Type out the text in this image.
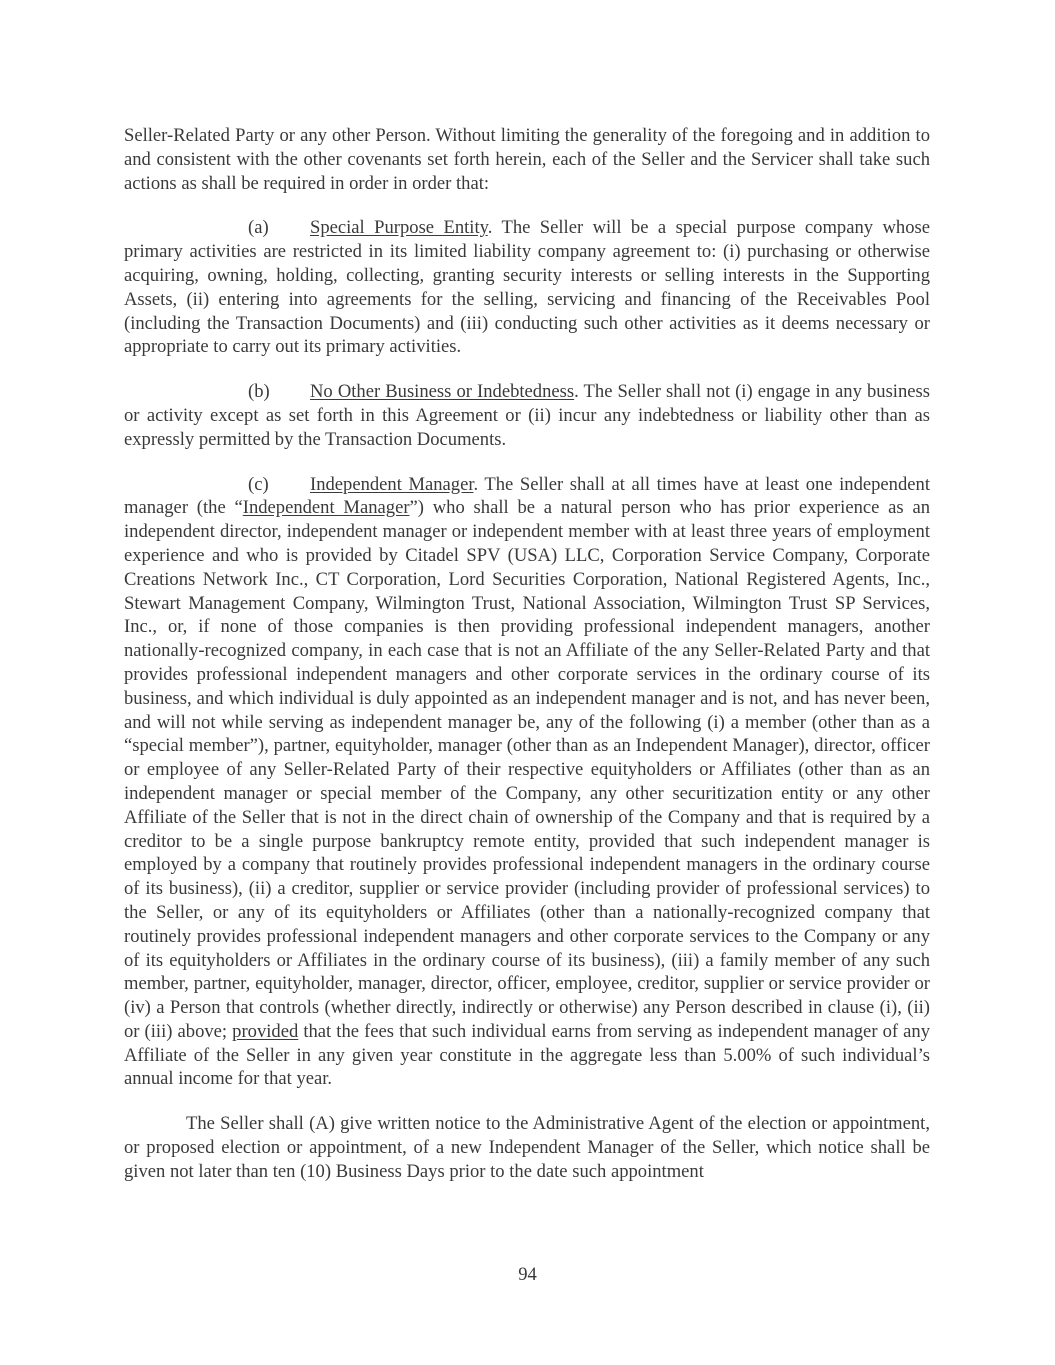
Seller-Related Party or any other Person. Without limiting the generality of the foregoing and in addition to and consistent with the other covenants set forth herein, each of the Seller and the Servicer shall take such actions as shall be required in order in order that:

(a) Special Purpose Entity. The Seller will be a special purpose company whose primary activities are restricted in its limited liability company agreement to: (i) purchasing or otherwise acquiring, owning, holding, collecting, granting security interests or selling interests in the Supporting Assets, (ii) entering into agreements for the selling, servicing and financing of the Receivables Pool (including the Transaction Documents) and (iii) conducting such other activities as it deems necessary or appropriate to carry out its primary activities.

(b) No Other Business or Indebtedness. The Seller shall not (i) engage in any business or activity except as set forth in this Agreement or (ii) incur any indebtedness or liability other than as expressly permitted by the Transaction Documents.

(c) Independent Manager. The Seller shall at all times have at least one independent manager (the “Independent Manager”) who shall be a natural person who has prior experience as an independent director, independent manager or independent member with at least three years of employment experience and who is provided by Citadel SPV (USA) LLC, Corporation Service Company, Corporate Creations Network Inc., CT Corporation, Lord Securities Corporation, National Registered Agents, Inc., Stewart Management Company, Wilmington Trust, National Association, Wilmington Trust SP Services, Inc., or, if none of those companies is then providing professional independent managers, another nationally-recognized company, in each case that is not an Affiliate of the any Seller-Related Party and that provides professional independent managers and other corporate services in the ordinary course of its business, and which individual is duly appointed as an independent manager and is not, and has never been, and will not while serving as independent manager be, any of the following (i) a member (other than as a “special member”), partner, equityholder, manager (other than as an Independent Manager), director, officer or employee of any Seller-Related Party of their respective equityholders or Affiliates (other than as an independent manager or special member of the Company, any other securitization entity or any other Affiliate of the Seller that is not in the direct chain of ownership of the Company and that is required by a creditor to be a single purpose bankruptcy remote entity, provided that such independent manager is employed by a company that routinely provides professional independent managers in the ordinary course of its business), (ii) a creditor, supplier or service provider (including provider of professional services) to the Seller, or any of its equityholders or Affiliates (other than a nationally-recognized company that routinely provides professional independent managers and other corporate services to the Company or any of its equityholders or Affiliates in the ordinary course of its business), (iii) a family member of any such member, partner, equityholder, manager, director, officer, employee, creditor, supplier or service provider or (iv) a Person that controls (whether directly, indirectly or otherwise) any Person described in clause (i), (ii) or (iii) above; provided that the fees that such individual earns from serving as independent manager of any Affiliate of the Seller in any given year constitute in the aggregate less than 5.00% of such individual’s annual income for that year.

The Seller shall (A) give written notice to the Administrative Agent of the election or appointment, or proposed election or appointment, of a new Independent Manager of the Seller, which notice shall be given not later than ten (10) Business Days prior to the date such appointment

94
